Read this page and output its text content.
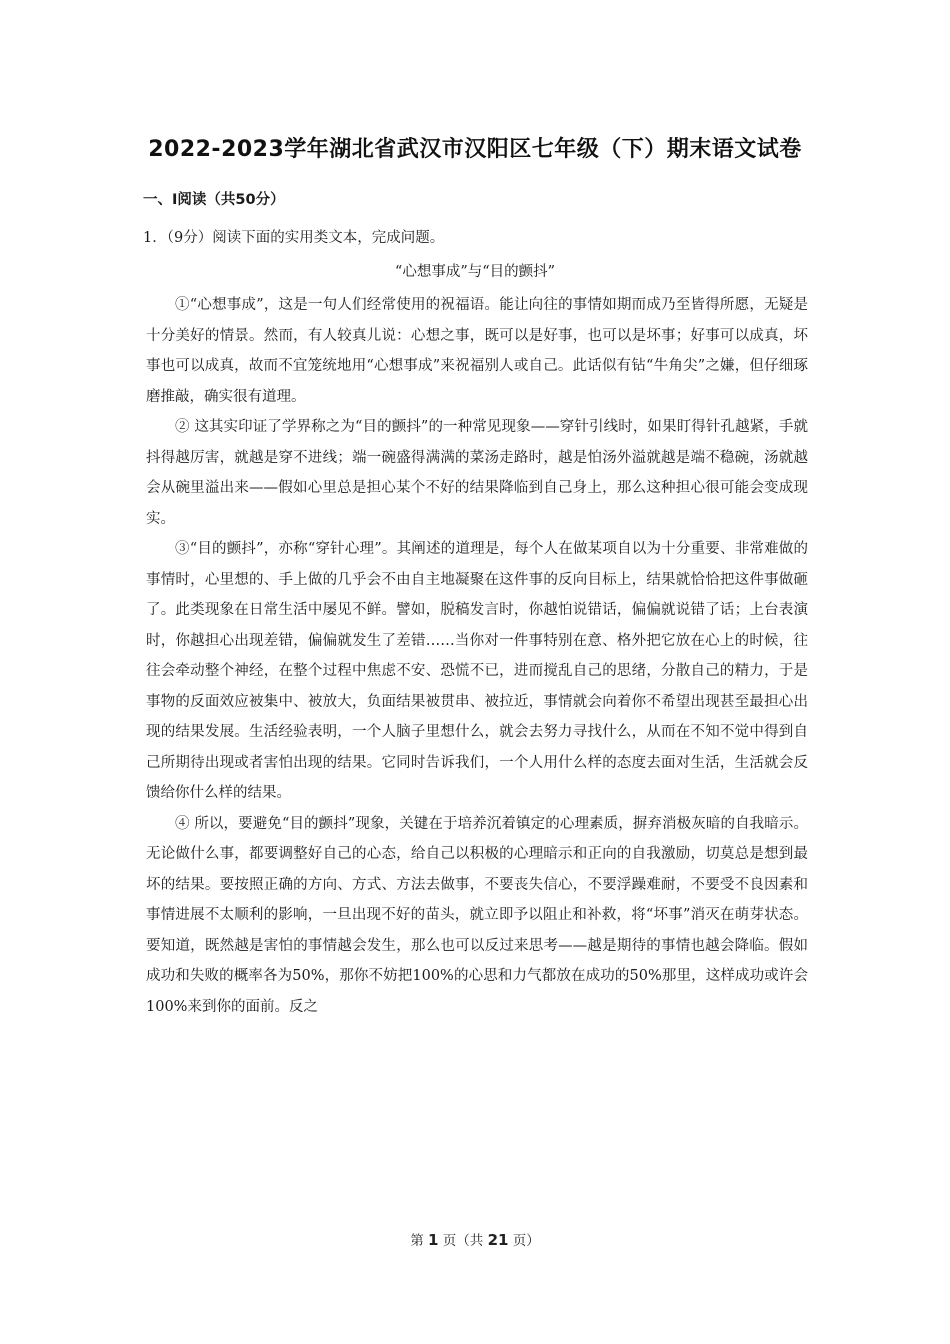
2022-2023学年湖北省武汉市汉阳区七年级（下）期末语文试卷
一、Ⅰ阅读（共50分）
1．（9分）阅读下面的实用类文本，完成问题。
“心想事成”与“目的颤抖”

①“心想事成”，这是一句人们经常使用的祝福语。能让向往的事情如期而成乃至皆得所愿，无疑是十分美好的情景。然而，有人较真儿说：心想之事，既可以是好事，也可以是坏事；好事可以成真，坏事也可以成真，故而不宜笼统地用“心想事成”来祝福别人或自己。此话似有钻“牛角尖”之嫌，但仔细琢磨推敲，确实很有道理。

② 这其实印证了学界称之为“目的颤抖”的一种常见现象——穿针引线时，如果盯得针孔越紧，手就抖得越厉害，就越是穿不进线；端一碗盛得满满的菜汤走路时，越是怕汤外溢就越是端不稳碗，汤就越会从碗里溢出来——假如心里总是担心某个不好的结果降临到自己身上，那么这种担心很可能会变成现实。

③“目的颤抖”，亦称“穿针心理”。其阐述的道理是，每个人在做某项自以为十分重要、非常难做的事情时，心里想的、手上做的几乎会不由自主地凝聚在这件事的反向目标上，结果就恰恰把这件事做砸了。此类现象在日常生活中屡见不鲜。譬如，脱稿发言时，你越怕说错话，偏偏就说错了话；上台表演时，你越担心出现差错，偏偏就发生了差错……当你对一件事特别在意、格外把它放在心上的时候，往往会牵动整个神经，在整个过程中焦虑不安、恐慌不已，进而搅乱自己的思绪，分散自己的精力，于是事物的反面效应被集中、被放大，负面结果被贯串、被拉近，事情就会向着你不希望出现甚至最担心出现的结果发展。生活经验表明，一个人脑子里想什么，就会去努力寻找什么，从而在不知不觉中得到自己所期待出现或者害怕出现的结果。它同时告诉我们，一个人用什么样的态度去面对生活，生活就会反馈给你什么样的结果。

④ 所以，要避免“目的颤抖”现象，关键在于培养沉着镇定的心理素质，摒弃消极灰暗的自我暗示。无论做什么事，都要调整好自己的心态，给自己以积极的心理暗示和正向的自我激励，切莫总是想到最坏的结果。要按照正确的方向、方式、方法去做事，不要丧失信心，不要浮躁难耐，不要受不良因素和事情进展不太顺利的影响，一旦出现不好的苗头，就立即予以阻止和补救，将“坏事”消灭在萌芽状态。要知道，既然越是害怕的事情越会发生，那么也可以反过来思考——越是期待的事情也越会降临。假如成功和失败的概率各为50%，那你不妨把100%的心思和力气都放在成功的50%那里，这样成功或许会100%来到你的面前。反之

第 1 页（共 21 页）
